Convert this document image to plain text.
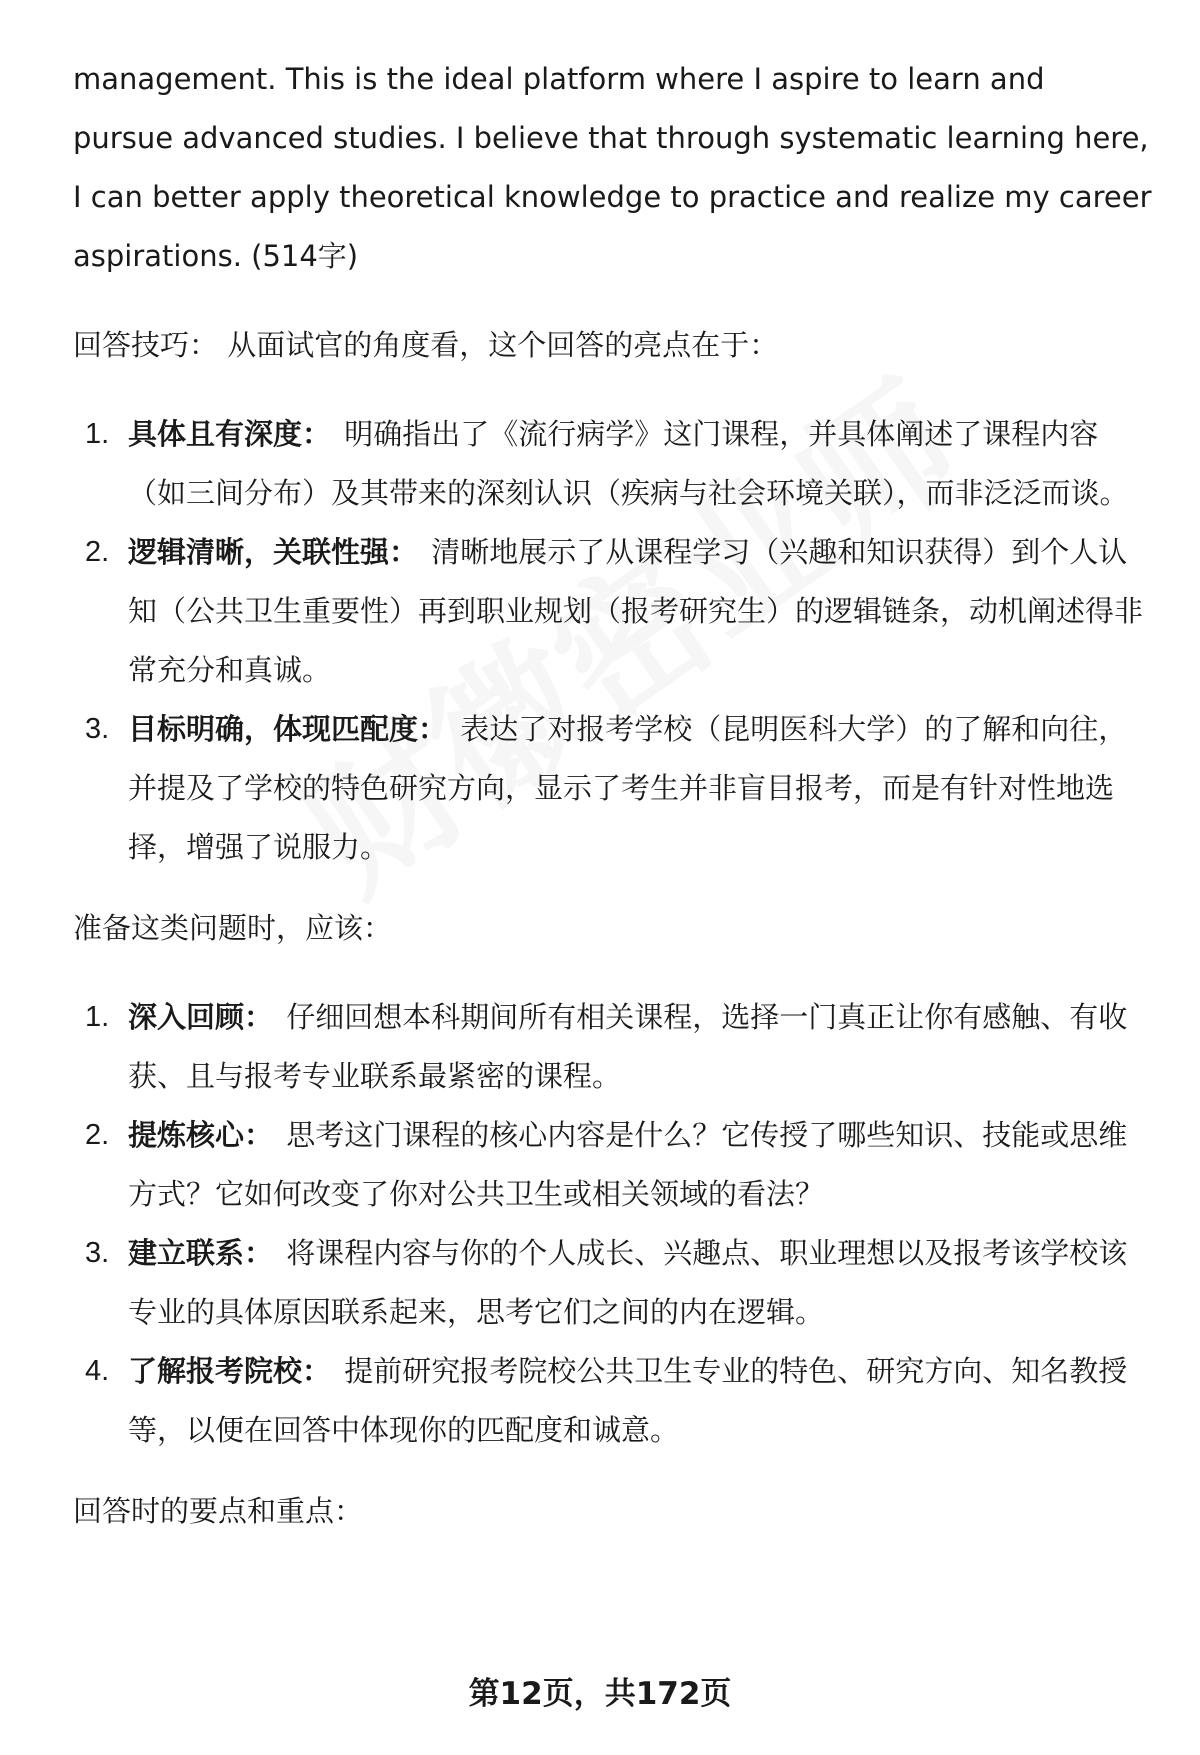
management. This is the ideal platform where I aspire to learn and pursue advanced studies. I believe that through systematic learning here, I can better apply theoretical knowledge to practice and realize my career aspirations. (514字)

回答技巧： 从面试官的角度看，这个回答的亮点在于：

1. 具体且有深度： 明确指出了《流行病学》这门课程，并具体阐述了课程内容（如三间分布）及其带来的深刻认识（疾病与社会环境关联），而非泛泛而谈。
2. 逻辑清晰，关联性强： 清晰地展示了从课程学习（兴趣和知识获得）到个人认知（公共卫生重要性）再到职业规划（报考研究生）的逻辑链条，动机阐述得非常充分和真诚。
3. 目标明确，体现匹配度： 表达了对报考学校（昆明医科大学）的了解和向往，并提及了学校的特色研究方向，显示了考生并非盲目报考，而是有针对性地选择，增强了说服力。

准备这类问题时，应该：

1. 深入回顾： 仔细回想本科期间所有相关课程，选择一门真正让你有感触、有收获、且与报考专业联系最紧密的课程。
2. 提炼核心： 思考这门课程的核心内容是什么？它传授了哪些知识、技能或思维方式？它如何改变了你对公共卫生或相关领域的看法？
3. 建立联系： 将课程内容与你的个人成长、兴趣点、职业理想以及报考该学校该专业的具体原因联系起来，思考它们之间的内在逻辑。
4. 了解报考院校： 提前研究报考院校公共卫生专业的特色、研究方向、知名教授等，以便在回答中体现你的匹配度和诚意。

回答时的要点和重点：

第12页，共172页
